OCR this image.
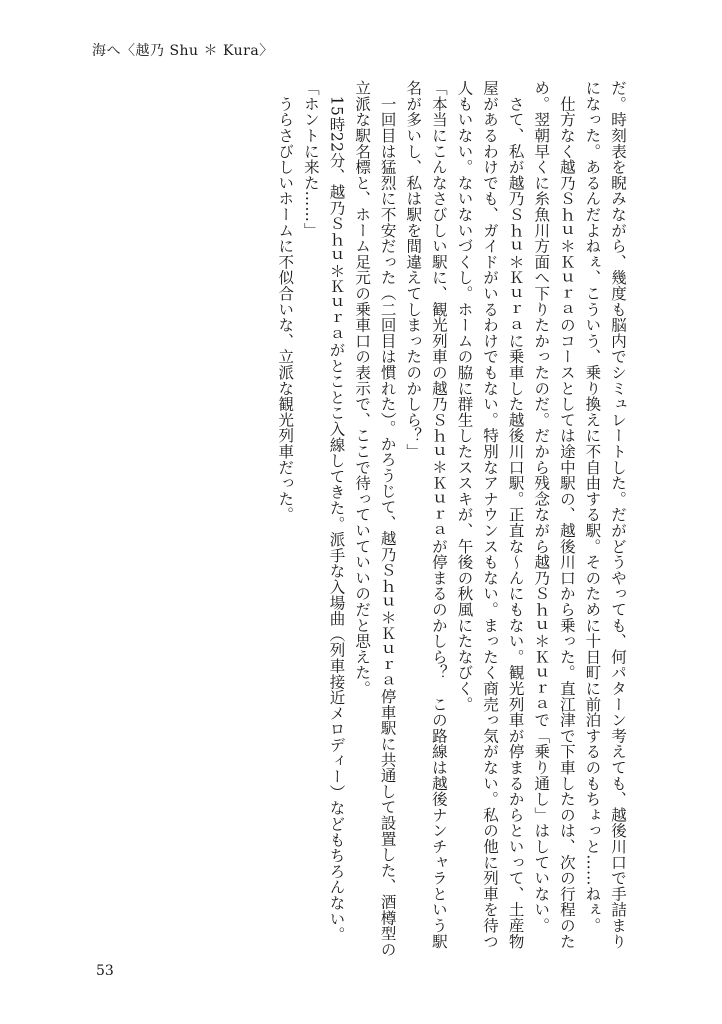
海へ〈越乃 Shu ＊ Kura〉

だ。時刻表を睨みながら、幾度も脳内でシミュレートした。だがどうやっても、何パターン考えても、越後川口で手詰まりになった。あるんだよねぇ、こういう、乗り換えに不自由する駅。そのために十日町に前泊するのもちょっと……ねぇ。

　仕方なく越乃Ｓｈｕ＊Ｋｕｒａのコースとしては途中駅の、越後川口から乗った。直江津で下車したのは、次の行程のため。翌朝早くに糸魚川方面へ下りたかったのだ。だから残念ながら越乃Ｓｈｕ＊Ｋｕｒａで「乗り通し」はしていない。

　さて、私が越乃Ｓｈｕ＊Ｋｕｒａに乗車した越後川口駅。正直な～んにもない。観光列車が停まるからといって、土産物屋があるわけでも、ガイドがいるわけでもない。特別なアナウンスもない。まったく商売っ気がない。私の他に列車を待つ人もいない。ないないづくし。ホームの脇に群生したススキが、午後の秋風にたなびく。

「本当にこんなさびしい駅に、観光列車の越乃Ｓｈｕ＊Ｋｕｒａが停まるのかしら？　この路線は越後ナンチャラという駅名が多いし、私は駅を間違えてしまったのかしら？」

　一回目は猛烈に不安だった（二回目は慣れた）。かろうじて、越乃Ｓｈｕ＊Ｋｕｒａ停車駅に共通して設置した、酒樽型の立派な駅名標と、ホーム足元の乗車口の表示で、ここで待っていていいのだと思えた。

　15時22分、越乃Ｓｈｕ＊Ｋｕｒａがとことこ入線してきた。派手な入場曲（列車接近メロディー）などもちろんない。

「ホントに来た……」

　うらさびしいホームに不似合いな、立派な観光列車だった。

53
